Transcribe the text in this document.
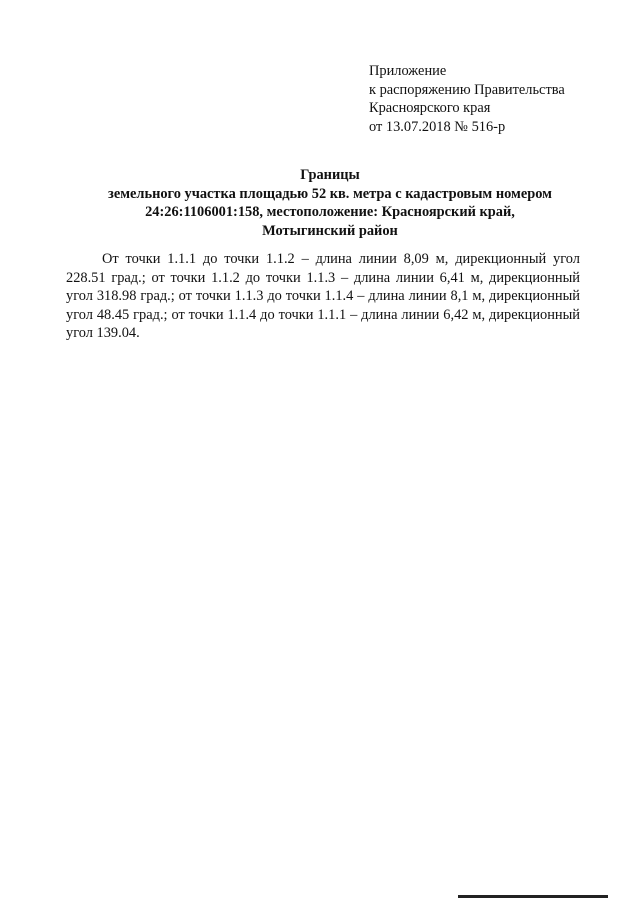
Приложение
к распоряжению Правительства
Красноярского края
от 13.07.2018 № 516-р
Границы
земельного участка площадью 52 кв. метра с кадастровым номером
24:26:1106001:158, местоположение: Красноярский край,
Мотыгинский район

От точки 1.1.1 до точки 1.1.2 – длина линии 8,09 м, дирекционный угол 228.51 град.; от точки 1.1.2 до точки 1.1.3 – длина линии 6,41 м, дирекционный угол 318.98 град.; от точки 1.1.3 до точки 1.1.4 – длина линии 8,1 м, дирекционный угол 48.45 град.; от точки 1.1.4 до точки 1.1.1 – длина линии 6,42 м, дирекционный угол 139.04.
